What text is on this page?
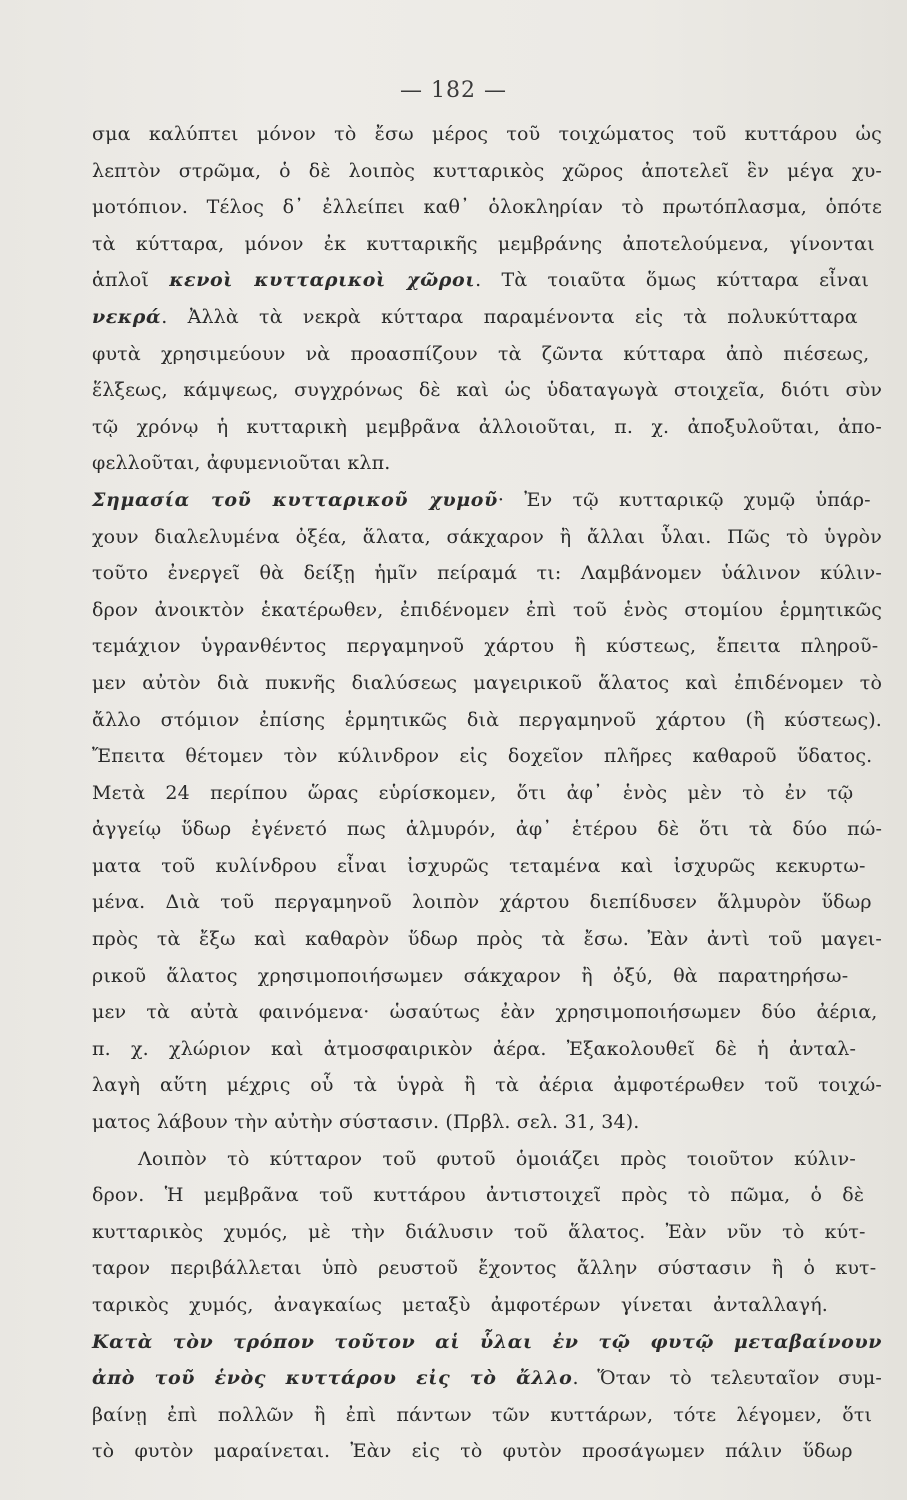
— 182 —
σμα καλύπτει μόνον τὸ ἔσω μέρος τοῦ τοιχώματος τοῦ κυττάρου ὡς
λεπτὸν στρῶμα, ὁ δὲ λοιπὸς κυτταρικὸς χῶρος ἀποτελεῖ ἓν μέγα χυ-
μοτόπιον. Τέλος δ᾽ ἐλλείπει καθ᾽ ὁλοκληρίαν τὸ πρωτόπλασμα, ὁπότε
τὰ κύτταρα, μόνον ἐκ κυτταρικῆς μεμβράνης ἀποτελούμενα, γίνονται
ἁπλοῖ κενοὶ κυτταρικοὶ χῶροι. Τὰ τοιαῦτα ὅμως κύτταρα εἶναι
νεκρά. Ἀλλὰ τὰ νεκρὰ κύτταρα παραμένοντα εἰς τὰ πολυκύτταρα
φυτὰ χρησιμεύουν νὰ προασπίζουν τὰ ζῶντα κύτταρα ἀπὸ πιέσεως,
ἕλξεως, κάμψεως, συγχρόνως δὲ καὶ ὡς ὑδαταγωγὰ στοιχεῖα, διότι σὺν
τῷ χρόνῳ ἡ κυτταρικὴ μεμβρᾶνα ἀλλοιοῦται, π. χ. ἀποξυλοῦται, ἀπο-
φελλοῦται, ἀφυμενιοῦται κλπ.
Σημασία τοῦ κυτταρικοῦ χυμοῦ· Ἐν τῷ κυτταρικῷ χυμῷ ὑπάρ-
χουν διαλελυμένα ὀξέα, ἅλατα, σάκχαρον ἢ ἄλλαι ὗλαι. Πῶς τὸ ὑγρὸν
τοῦτο ἐνεργεῖ θὰ δείξῃ ἡμῖν πείραμά τι: Λαμβάνομεν ὑάλινον κύλιν-
δρον ἀνοικτὸν ἑκατέρωθεν, ἐπιδένομεν ἐπὶ τοῦ ἑνὸς στομίου ἑρμητικῶς
τεμάχιον ὑγρανθέντος περγαμηνοῦ χάρτου ἢ κύστεως, ἔπειτα πληροῦ-
μεν αὐτὸν διὰ πυκνῆς διαλύσεως μαγειρικοῦ ἅλατος καὶ ἐπιδένομεν τὸ
ἄλλο στόμιον ἐπίσης ἑρμητικῶς διὰ περγαμηνοῦ χάρτου (ἢ κύστεως).
Ἔπειτα θέτομεν τὸν κύλινδρον εἰς δοχεῖον πλῆρες καθαροῦ ὕδατος.
Μετὰ 24 περίπου ὥρας εὑρίσκομεν, ὅτι ἀφ᾽ ἑνὸς μὲν τὸ ἐν τῷ
ἀγγείῳ ὕδωρ ἐγένετό πως ἁλμυρόν, ἀφ᾽ ἑτέρου δὲ ὅτι τὰ δύο πώ-
ματα τοῦ κυλίνδρου εἶναι ἰσχυρῶς τεταμένα καὶ ἰσχυρῶς κεκυρτω-
μένα. Διὰ τοῦ περγαμηνοῦ λοιπὸν χάρτου διεπίδυσεν ἅλμυρὸν ὕδωρ
πρὸς τὰ ἔξω καὶ καθαρὸν ὕδωρ πρὸς τὰ ἔσω. Ἐὰν ἀντὶ τοῦ μαγει-
ρικοῦ ἅλατος χρησιμοποιήσωμεν σάκχαρον ἢ ὀξύ, θὰ παρατηρήσω-
μεν τὰ αὐτὰ φαινόμενα· ὡσαύτως ἐὰν χρησιμοποιήσωμεν δύο ἀέρια,
π. χ. χλώριον καὶ ἀτμοσφαιρικὸν ἀέρα. Ἐξακολουθεῖ δὲ ἡ ἀνταλ-
λαγὴ αὕτη μέχρις οὗ τὰ ὑγρὰ ἢ τὰ ἀέρια ἀμφοτέρωθεν τοῦ τοιχώ-
ματος λάβουν τὴν αὐτὴν σύστασιν. (Πρβλ. σελ. 31, 34).
Λοιπὸν τὸ κύτταρον τοῦ φυτοῦ ὁμοιάζει πρὸς τοιοῦτον κύλιν-
δρον. Ἡ μεμβρᾶνα τοῦ κυττάρου ἀντιστοιχεῖ πρὸς τὸ πῶμα, ὁ δὲ
κυτταρικὸς χυμός, μὲ τὴν διάλυσιν τοῦ ἅλατος. Ἐὰν νῦν τὸ κύτ-
ταρον περιβάλλεται ὑπὸ ρευστοῦ ἔχοντος ἄλλην σύστασιν ἢ ὁ κυτ-
ταρικὸς χυμός, ἀναγκαίως μεταξὺ ἀμφοτέρων γίνεται ἀνταλλαγή.
Κατὰ τὸν τρόπον τοῦτον αἱ ὗλαι ἐν τῷ φυτῷ μεταβαίνουν
ἀπὸ τοῦ ἑνὸς κυττάρου εἰς τὸ ἄλλο. Ὅταν τὸ τελευταῖον συμ-
βαίνῃ ἐπὶ πολλῶν ἢ ἐπὶ πάντων τῶν κυττάρων, τότε λέγομεν, ὅτι
τὸ φυτὸν μαραίνεται. Ἐὰν εἰς τὸ φυτὸν προσάγωμεν πάλιν ὕδωρ
